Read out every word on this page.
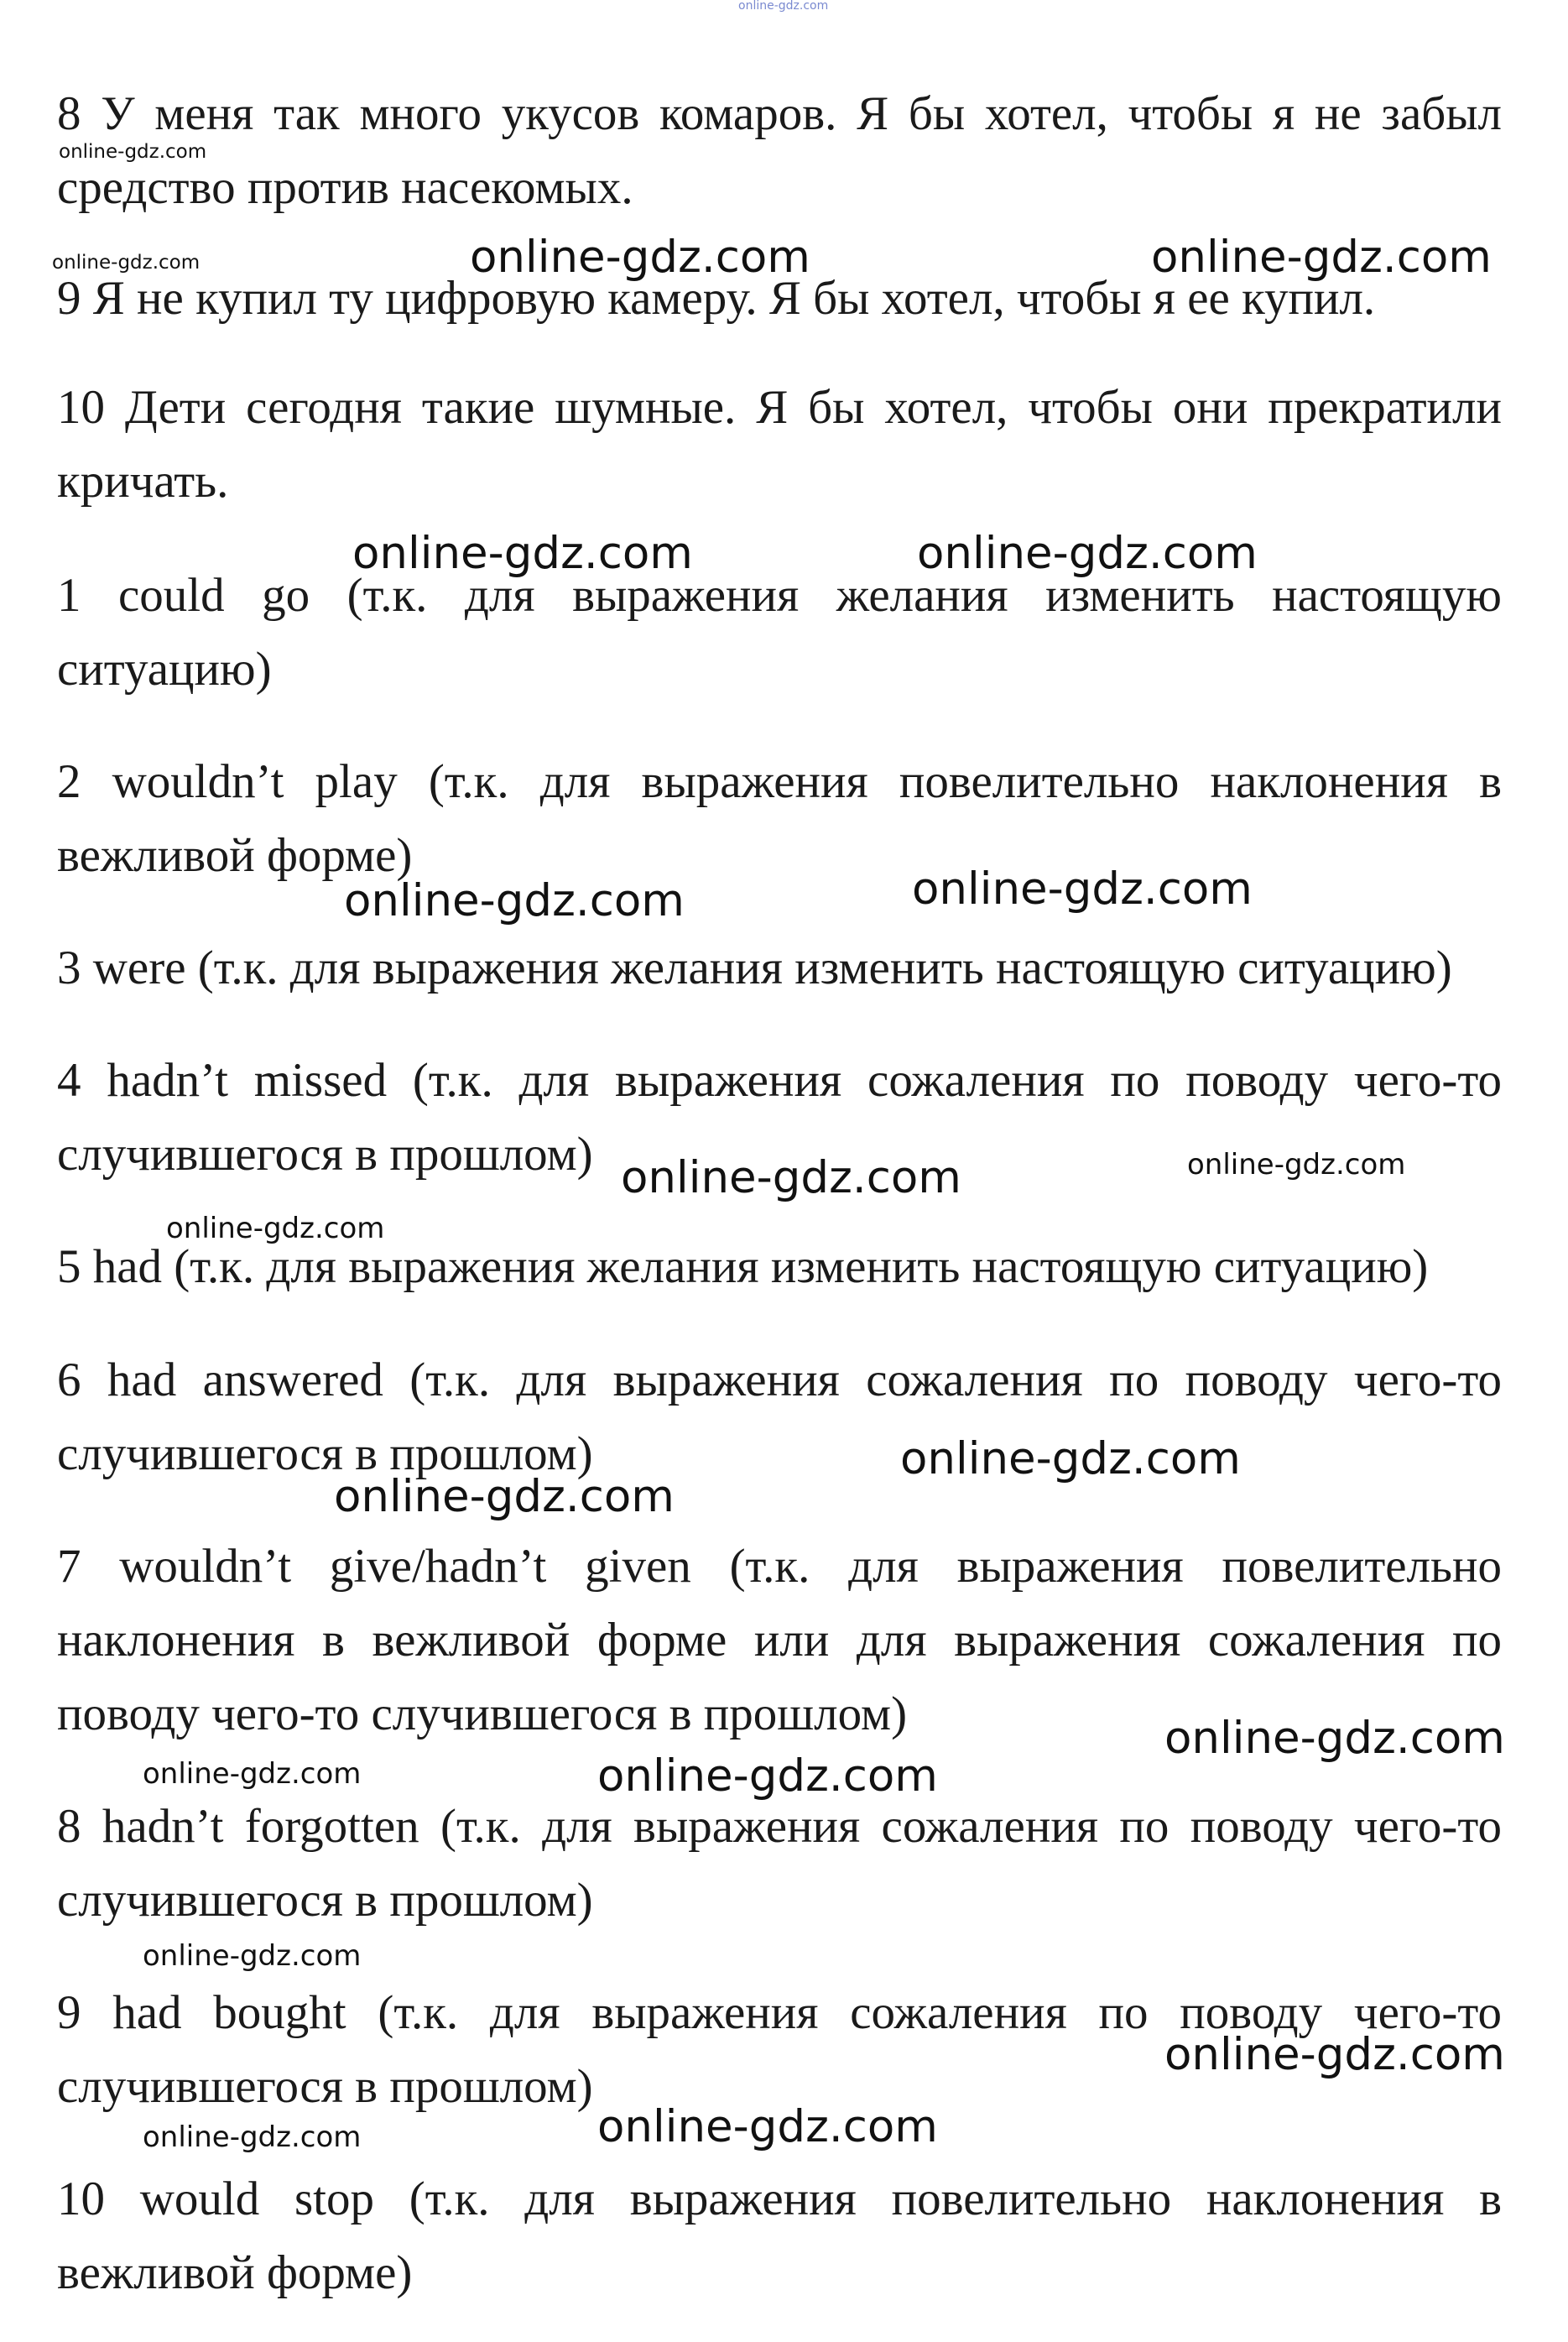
8 У меня так много укусов комаров. Я бы хотел, чтобы я не забыл средство против насекомых.

9 Я не купил ту цифровую камеру. Я бы хотел, чтобы я ее купил.

10 Дети сегодня такие шумные. Я бы хотел, чтобы они прекратили кричать.

1 could go (т.к. для выражения желания изменить настоящую ситуацию)

2 wouldn’t play (т.к. для выражения повелительно наклонения в вежливой форме)

3 were (т.к. для выражения желания изменить настоящую ситуацию)

4 hadn’t missed (т.к. для выражения сожаления по поводу чего-то случившегося в прошлом)

5 had (т.к. для выражения желания изменить настоящую ситуацию)

6 had answered (т.к. для выражения сожаления по поводу чего-то случившегося в прошлом)

7 wouldn’t give/hadn’t given (т.к. для выражения повелительно наклонения в вежливой форме или для выражения сожаления по поводу чего-то случившегося в прошлом)

8 hadn’t forgotten (т.к. для выражения сожаления по поводу чего-то случившегося в прошлом)

9 had bought (т.к. для выражения сожаления по поводу чего-то случившегося в прошлом)

10 would stop (т.к. для выражения повелительно наклонения в вежливой форме)

online-gdz.com
online-gdz.com
online-gdz.com	online-gdz.com	online-gdz.com
online-gdz.com	online-gdz.com
online-gdz.com	online-gdz.com
online-gdz.com
online-gdz.com
online-gdz.com
online-gdz.com
online-gdz.com
online-gdz.com
online-gdz.com
online-gdz.com
online-gdz.com
online-gdz.com
online-gdz.com
online-gdz.com
